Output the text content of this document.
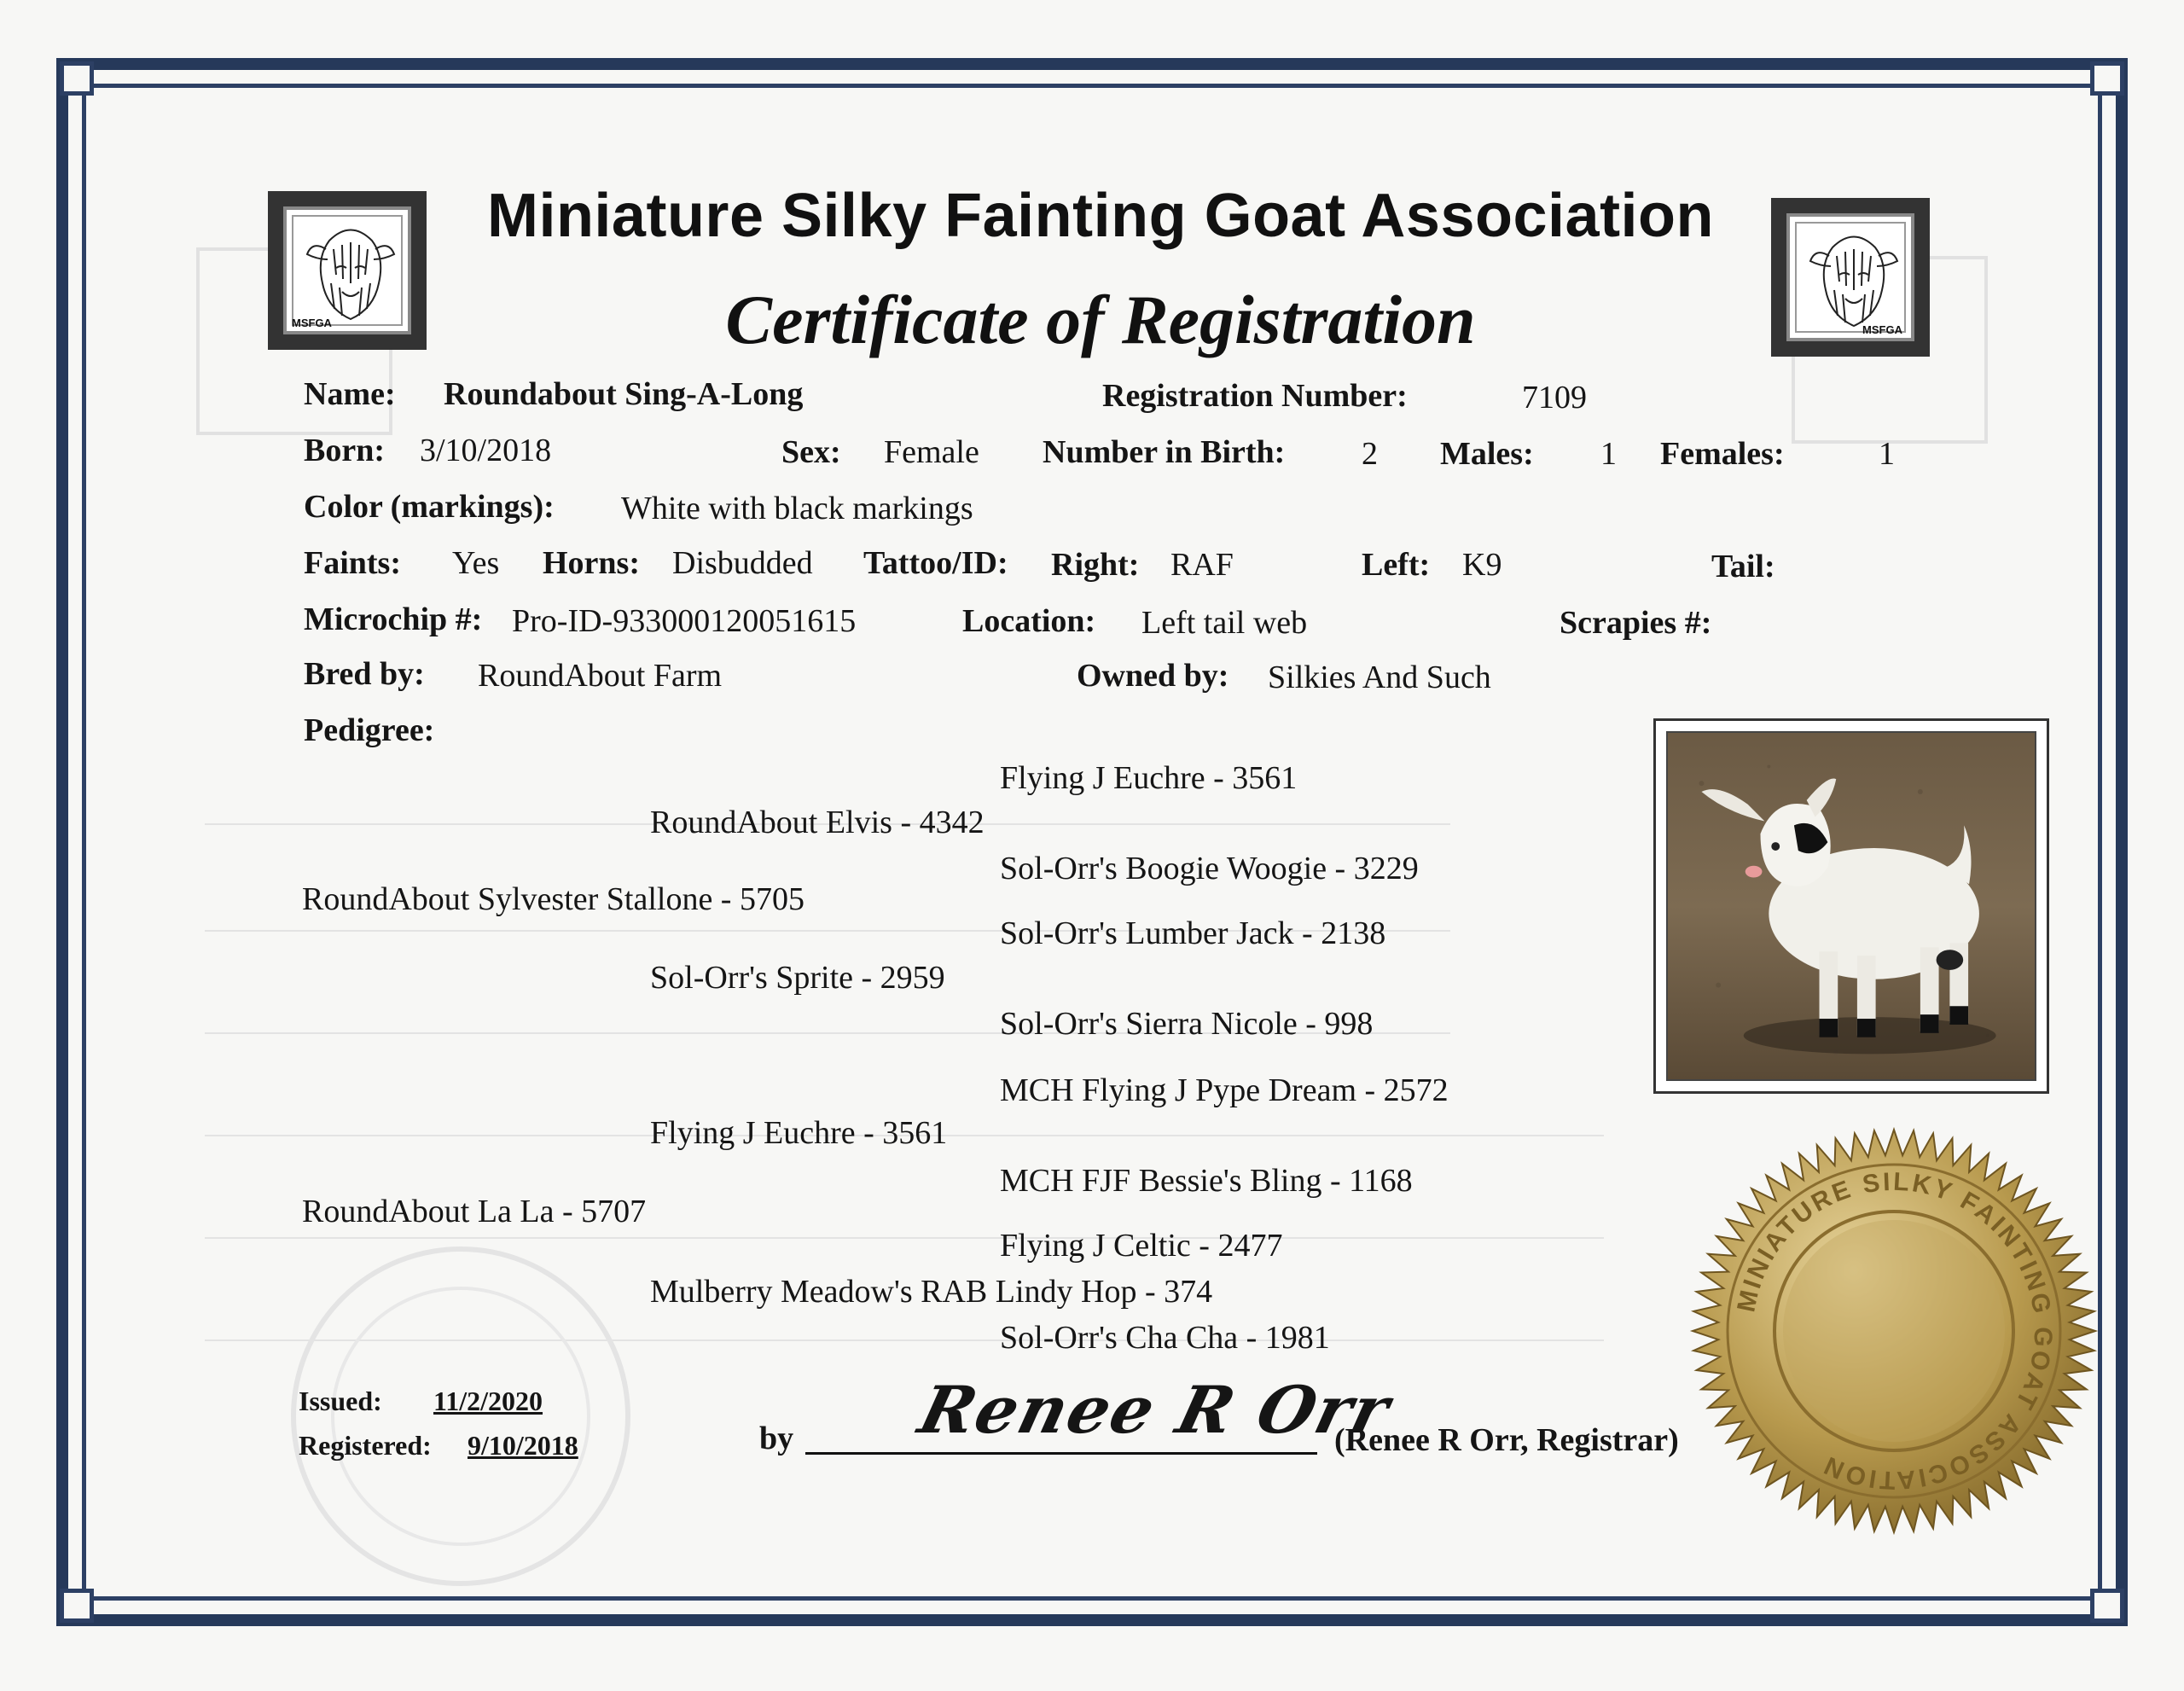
MSFGA
MSFGA
Miniature Silky Fainting Goat Association
Certificate of Registration
Name: Roundabout Sing-A-Long	Registration Number:	7109
Born: 3/10/2018	Sex: Female Number in Birth: 2 Males: 1 Females:	1
Color (markings): White with black markings
Faints: Yes Horns: Disbudded Tattoo/ID: Right: RAF	Left: K9	Tail:
Microchip #: Pro-ID-933000120051615	Location: Left tail web	Scrapies #:
Bred by: RoundAbout Farm	Owned by: Silkies And Such
Pedigree:
Flying J Euchre - 3561
RoundAbout Elvis - 4342
Sol-Orr's Boogie Woogie - 3229
RoundAbout Sylvester Stallone - 5705
Sol-Orr's Lumber Jack - 2138
Sol-Orr's Sprite - 2959
Sol-Orr's Sierra Nicole - 998
MCH Flying J Pype Dream - 2572
Flying J Euchre - 3561
MCH FJF Bessie's Bling - 1168
RoundAbout La La - 5707
Flying J Celtic - 2477
Mulberry Meadow's RAB Lindy Hop - 374
Sol-Orr's Cha Cha - 1981
Issued: 11/2/2020
Registered: 9/10/2018	by Renee R Orr
(Renee R Orr, Registrar)
MINIATURE SILKY FAINTING GOAT ASSOCIATION
